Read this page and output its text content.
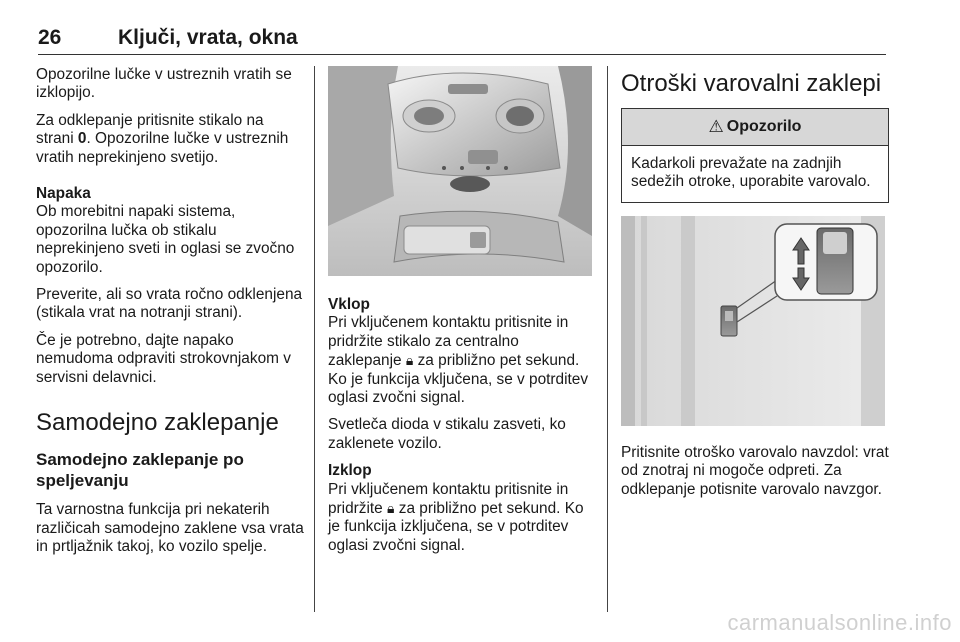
26	Ključi, vrata, okna

Opozorilne lučke v ustreznih vratih se izklopijo.

Za odklepanje pritisnite stikalo na strani 0. Opozorilne lučke v ustreznih vratih neprekinjeno svetijo.

Napaka

Ob morebitni napaki sistema, opozorilna lučka ob stikalu neprekinjeno sveti in oglasi se zvočno opozorilo.

Preverite, ali so vrata ročno odklenjena (stikala vrat na notranji strani).

Če je potrebno, dajte napako nemudoma odpraviti strokovnjakom v servisni delavnici.

Samodejno zaklepanje
Samodejno zaklepanje po speljevanju

Ta varnostna funkcija pri nekaterih različicah samodejno zaklene vsa vrata in prtljažnik takoj, ko vozilo spelje.

Vklop

Pri vključenem kontaktu pritisnite in pridržite stikalo za centralno zaklepanje 🔒︎ za približno pet sekund. Ko je funkcija vključena, se v potrditev oglasi zvočni signal.

Svetleča dioda v stikalu zasveti, ko zaklenete vozilo.

Izklop

Pri vključenem kontaktu pritisnite in pridržite 🔒︎ za približno pet sekund. Ko je funkcija izključena, se v potrditev oglasi zvočni signal.

Otroški varovalni zaklepi
⚠ Opozorilo
Kadarkoli prevažate na zadnjih sedežih otroke, uporabite varovalo.

Pritisnite otroško varovalo navzdol: vrat od znotraj ni mogoče odpreti. Za odklepanje potisnite varovalo navzgor.

carmanualsonline.info
